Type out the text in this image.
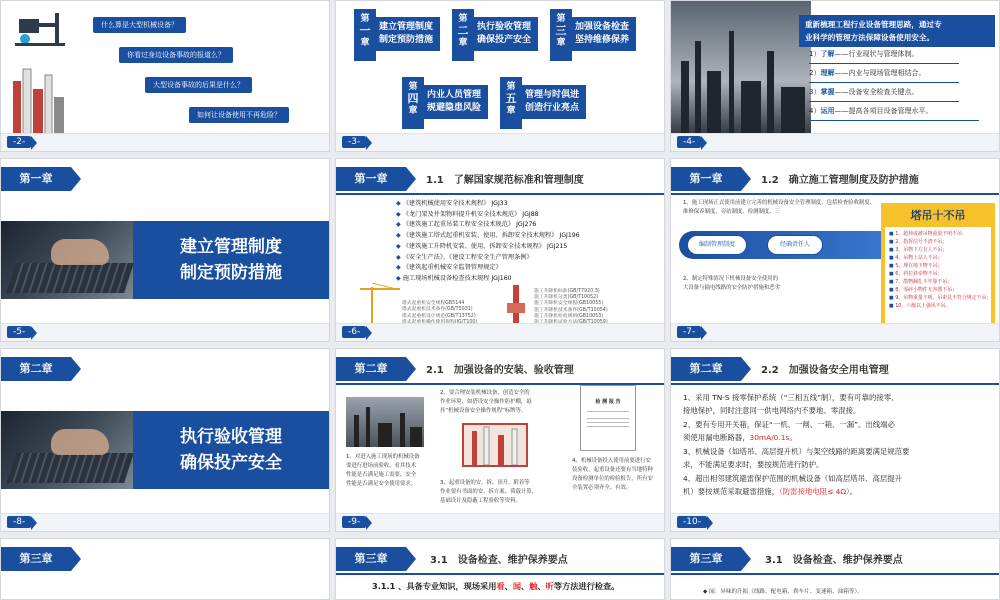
什么算是大型机械设备？
你看过身边设备事故的报道么？
大型设备事故的后果是什么？
如何让设备使用不再危险？
-2-
第
一
章
建立管理制度
制定预防措施
第
二
章
执行验收管理
确保投产安全
第
三
章
加强设备检查
坚持维修保养
第
四
章
内业人员管理
规避隐患风险
第
五
章
管理与时俱进
创造行业亮点
-3-
重新梳理工程行业设备管理思路，通过专
业科学的管理方法保障设备使用安全。
1）了解——行业现状与管理体制。
2）理解——内业与现场管理相结合。
3）掌握——设备安全检查关键点。
4）运用——提高各项目设备管理水平。
-4-
第一章
建立管理制度
制定预防措施
-5-
第一章	1.1　了解国家规范标准和管理制度
◆ 《建筑机械使用安全技术规程》 JGJ33
◆ 《龙门架及井架物料提升机安全技术规范》 JGJ88
◆ 《建筑施工起重吊装工程安全技术规范》 JGJ276
◆ 《建筑施工塔式起重机安装、使用、拆卸安全技术规程》 JGJ196
◆ 《建筑施工升降机安装、使用、拆卸安全技术规程》 JGJ215
◆ 《安全生产法》、《建设工程安全生产管理条例》
◆ 《建筑起重机械安全监督管理规定》
◆ 施工现场机械设备检查技术规程 JGJ160
塔式起重机安全规程GB5144
塔式起重机技术条件(GB/T5031)
塔式起重机设计规范(GB/T13752)
施工升降机标准(GB/T7920.3)
施工升降机分类(GB/T10052)
施工升降机安全规程(GB10055)
施工升降机技术条件(GB/T10054)
施工升降机检验规则(GB10053)
-6-
第一章	1.2　确立施工管理制度及防护措施
1、施工现场正式使用前建立完善的机械设备安全管理制度，包括检查验收制度、
维修保养制度、旁站制度、检测制度、三
编制管理制度	经确责任人
2、制定特殊情况下机械设备安全使用的
大设备与输电线路的安全防护措施和恶劣
塔吊十不吊
■ 1、超荷或被吊物重量不明不吊；
■ 2、指挥信号不清不吊；
■ 3、吊物下方有人不吊；
■ 4、吊物上站人不吊；
■ 5、埋在地下物不吊；
■ 6、斜拉斜牵物不吊；
■ 7、散物捆扎不牢靠不吊；
■ 8、零碎小物件无容器不吊；
■ 9、吊物重量不明、吊索具不符合规定不吊；
■ 10、六级以上强风不吊。
-7-
第二章
执行验收管理
确保投产安全
-8-
第二章	2.1　加强设备的安装、验收管理
1、对进入施工现场的机械设备
要进行进场前验收，看其技术
性能是否满足施工需要，安全
性能是否满足安全使用要求。
2、要合理安装机械设备，创造安全的
作业环境，如搭设安全操作防护棚，悬
挂“机械设备安全操作规程”标牌等。
3、起重设备的安、拆、顶升、附着等
作业要有书面的安、拆方案、荷载计算、
基础设计及隐蔽工程验收等资料。
检 测 报 告
4、机械设备投入使用前要进行安
装验收，起重设备还要有当地特种
设备检测单位的检验报告，所有安
全装置必须齐全、有效。
-9-
第二章	2.2　加强设备安全用电管理

1、采用 TN-S 接零保护系统（“三相五线”制），要有可靠的接零、
接地保护，同时注意同一供电网络内不要地、零混接。

2、要有专用开关箱，保证“一机、一闸、一箱、一漏”。出线端必
须使用漏电断路器，30mA/0.1s。

3、机械设备（如塔吊、高层提升机）与架空线路的距离要满足规范要
求，不能满足要求时，要按规范进行防护。

4、超出相邻建筑避雷保护范围的机械设备（如高层塔吊、高层提升
机）要按规范采取避雷措施，（防雷接地电阻≤ 4Ω）。

-10-
第三章	第三章	3.1　设备检查、维护保养要点
3.1.1 、具备专业知识，现场采用看、闻、触、听等方法进行检查。
第三章	3.1　设备检查、维护保养要点
◆ 闻：异味的升振（线路、配电箱、刹车片、变速箱、油箱等）。
